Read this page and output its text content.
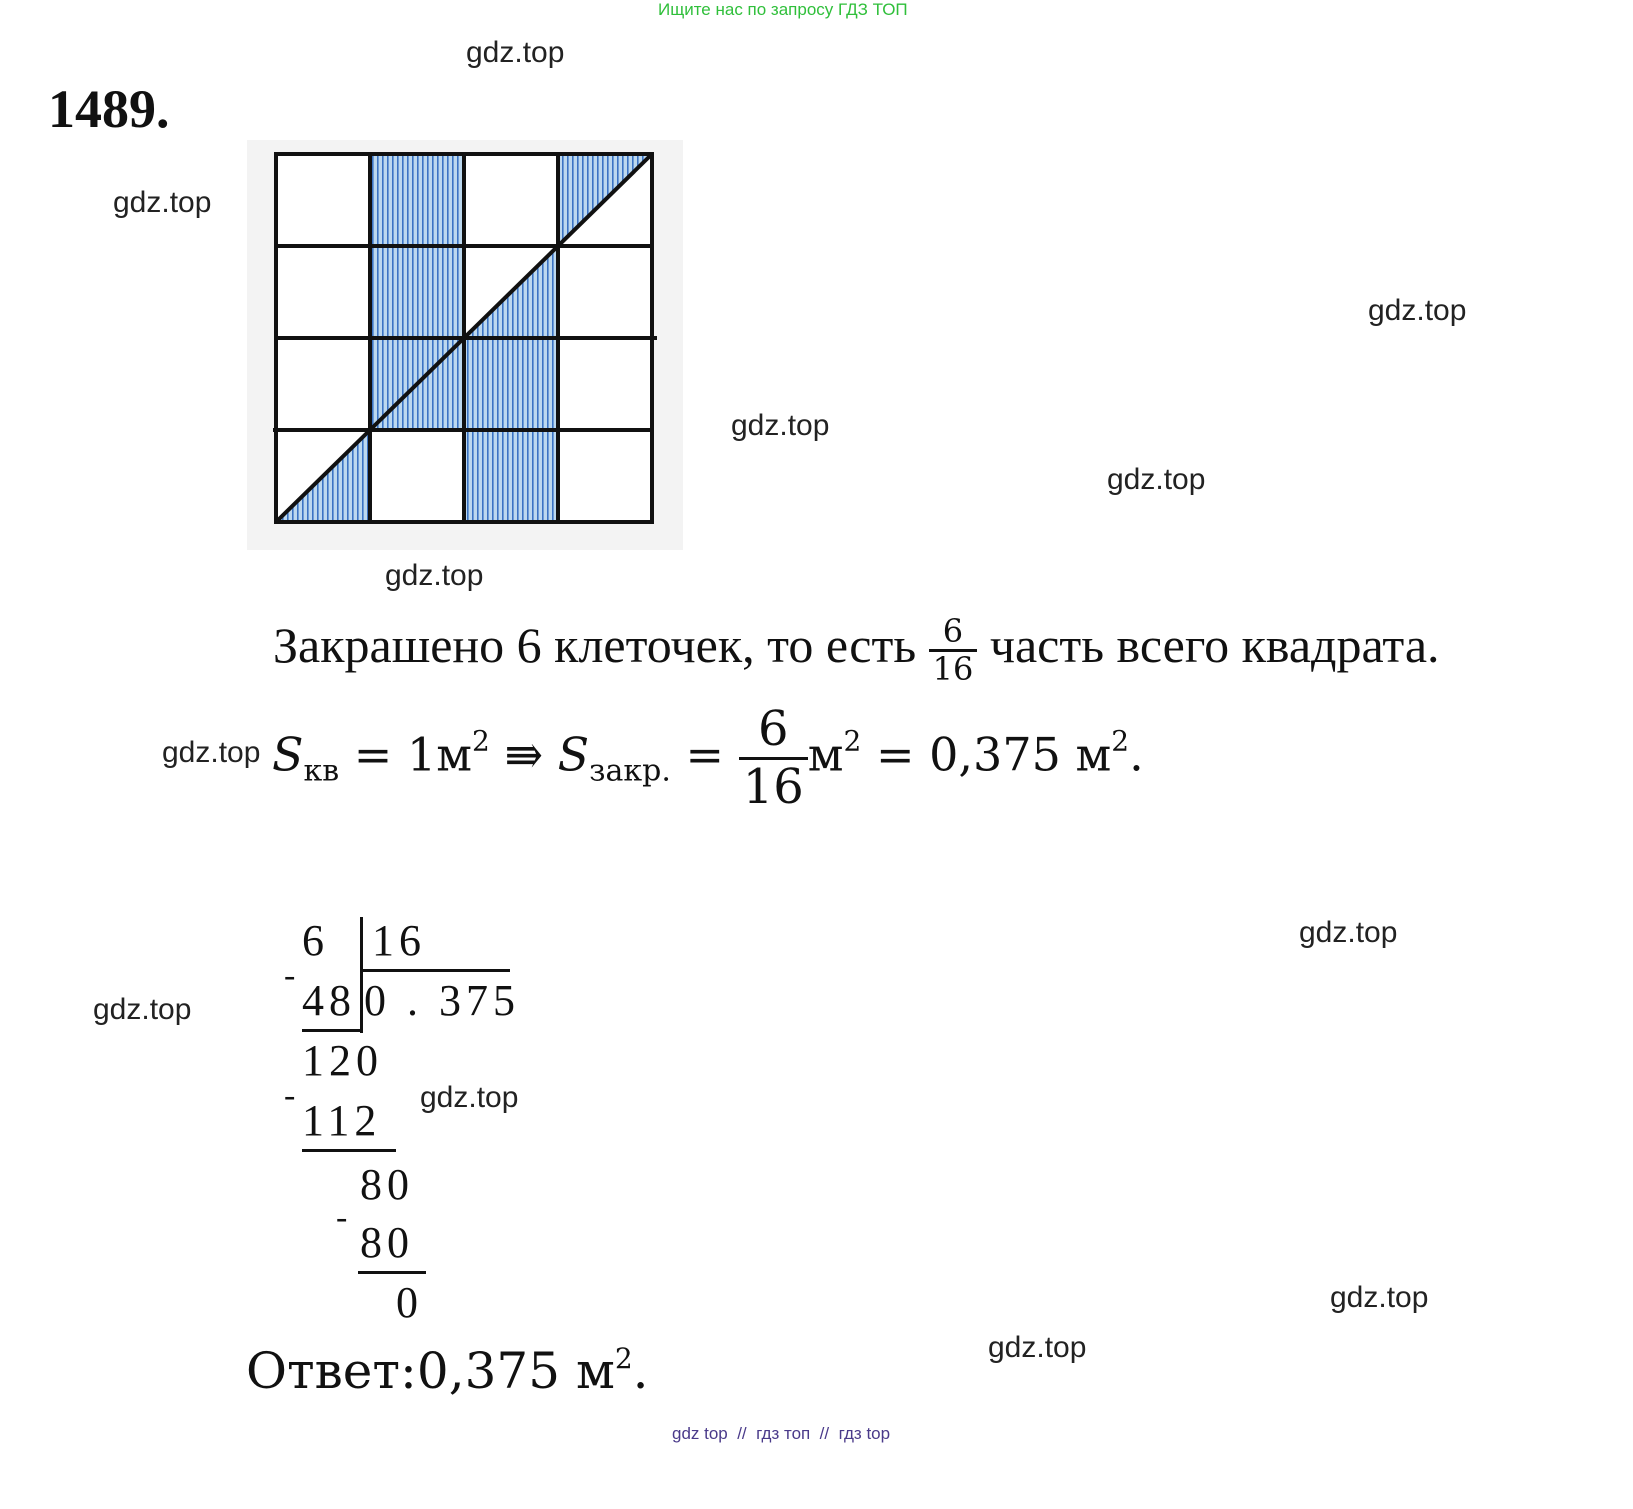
Ищите нас по запросу ГДЗ ТОП
1489.
gdz.top
gdz.top
gdz.top
gdz.top
gdz.top
gdz.top
gdz.top
gdz.top
gdz.top
gdz.top
gdz.top
gdz.top
Закрашено 6 клеточек, то есть $\frac{6}{16}$ часть всего квадрата.
$S_{кв} = 1м^2$ ⇛ $S_{закр.} = \frac{6}{16} м^2 = 0,375$ $м^2$.
6 16
-
48 0 . 375
120
-
112
80
-
80
0
Ответ:0,375 $м^2$.
gdz top  //  гдз топ  //  гдз top
